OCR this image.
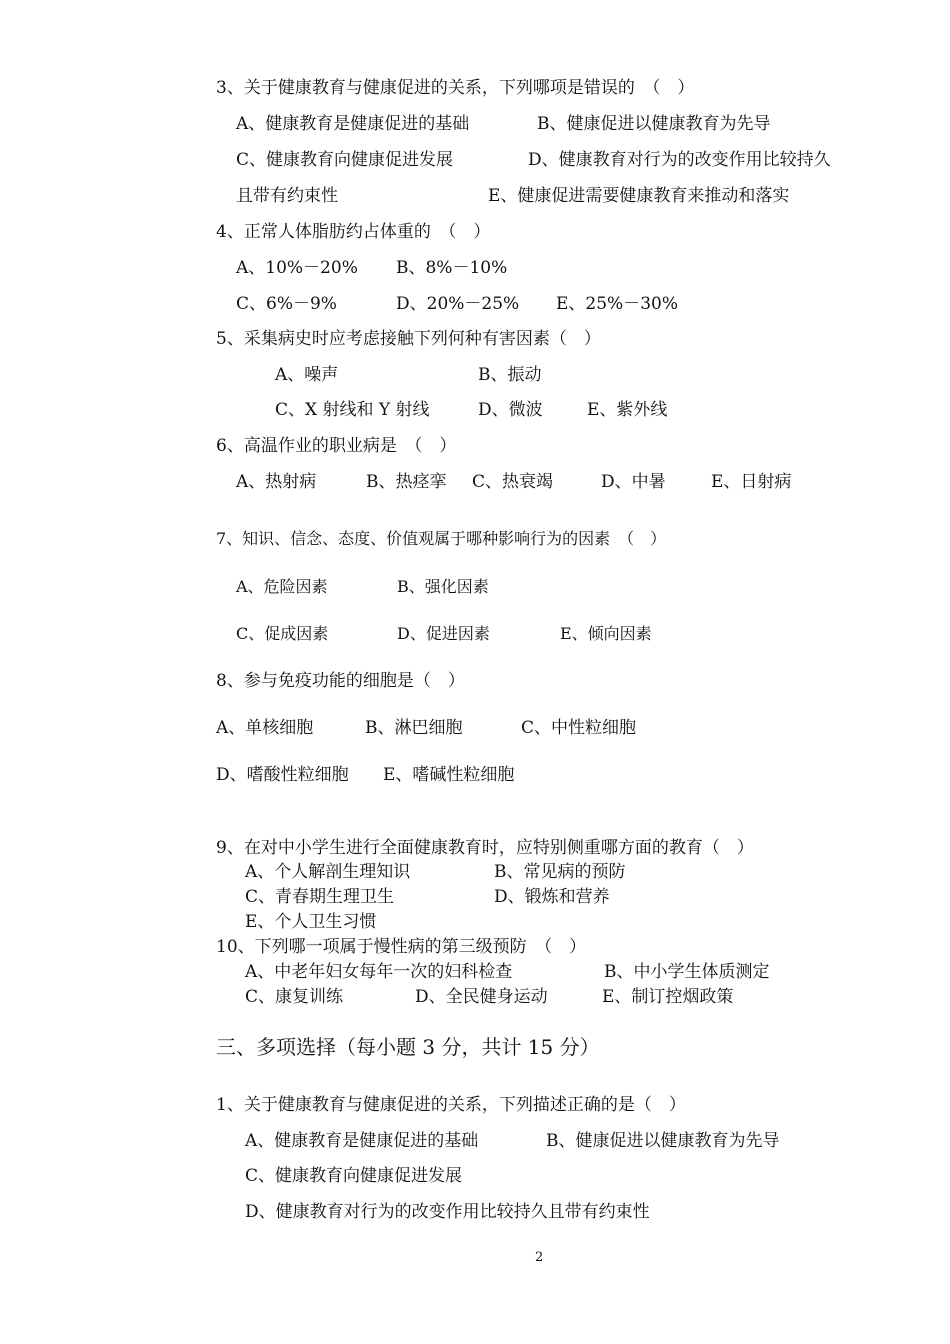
3、关于健康教育与健康促进的关系，下列哪项是错误的　（　）
A、健康教育是健康促进的基础	B、健康促进以健康教育为先导
C、健康教育向健康促进发展	D、健康教育对行为的改变作用比较持久
且带有约束性	E、健康促进需要健康教育来推动和落实
4、正常人体脂肪约占体重的　（　）
A、10%－20% B、8%－10%
C、6%－9%	D、20%－25% E、25%－30%
5、采集病史时应考虑接触下列何种有害因素（　）
A、噪声	B、振动
C、X 射线和 Y 射线	D、微波	E、紫外线
6、高温作业的职业病是　（　）
A、热射病	B、热痉挛 C、热衰竭	D、中暑	E、日射病
7、知识、信念、态度、价值观属于哪种影响行为的因素　（　）
A、危险因素	B、强化因素
C、促成因素	D、促进因素	E、倾向因素
8、参与免疫功能的细胞是（　）
A、单核细胞	B、淋巴细胞	C、中性粒细胞
D、嗜酸性粒细胞 E、嗜碱性粒细胞
9、在对中小学生进行全面健康教育时，应特别侧重哪方面的教育（　）
A、个人解剖生理知识	B、常见病的预防
C、青春期生理卫生	D、锻炼和营养
E、个人卫生习惯
10、下列哪一项属于慢性病的第三级预防　（　）
A、中老年妇女每年一次的妇科检查	B、中小学生体质测定
C、康复训练	D、全民健身运动	E、制订控烟政策
三、多项选择（每小题 3 分，共计 15 分）
1、关于健康教育与健康促进的关系，下列描述正确的是（　）
A、健康教育是健康促进的基础	B、健康促进以健康教育为先导
C、健康教育向健康促进发展
D、健康教育对行为的改变作用比较持久且带有约束性
2
